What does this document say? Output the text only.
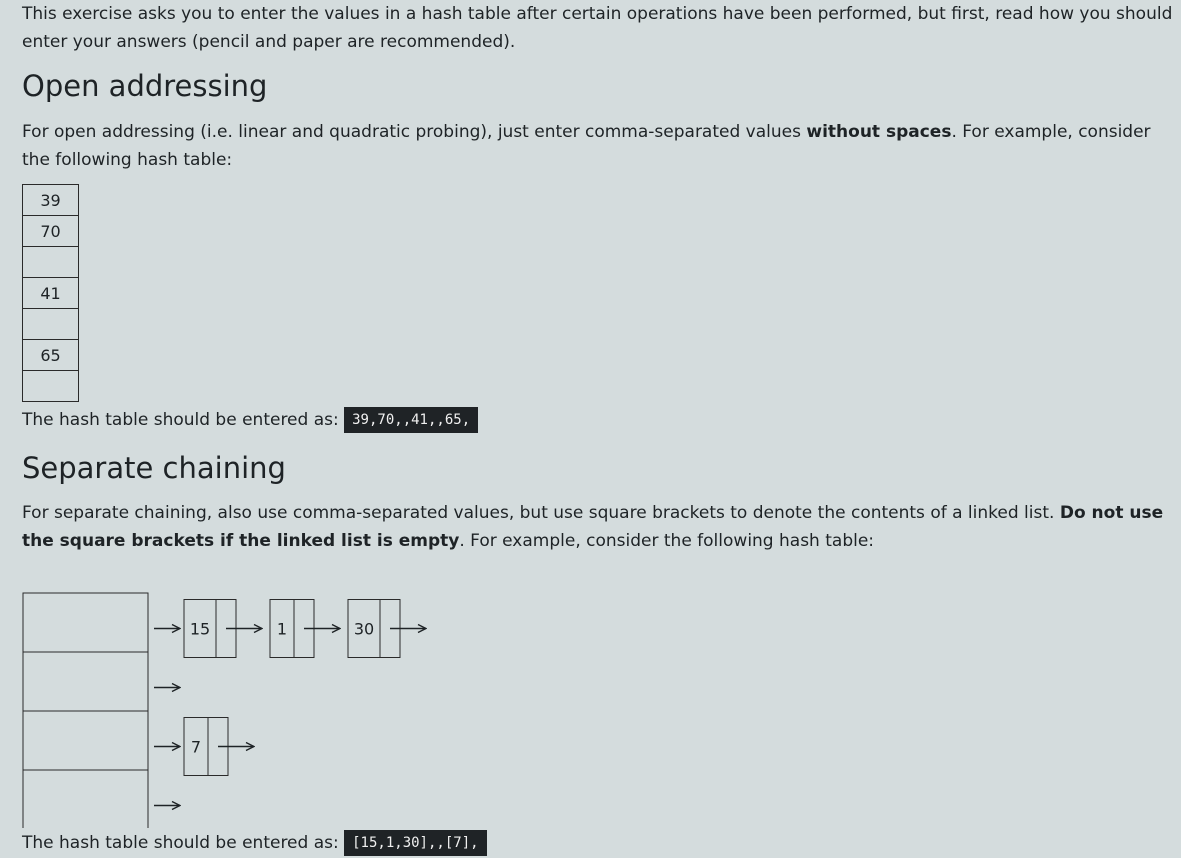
This exercise asks you to enter the values in a hash table after certain operations have been performed, but first, read how you should enter your answers (pencil and paper are recommended).

Open addressing

For open addressing (i.e. linear and quadratic probing), just enter comma-separated values without spaces. For example, consider the following hash table:

39
70

41

65

The hash table should be entered as: 39,70,,41,,65,

Separate chaining

For separate chaining, also use comma-separated values, but use square brackets to denote the contents of a linked list. Do not use the square brackets if the linked list is empty. For example, consider the following hash table:

15	1	30
7

The hash table should be entered as: [15,1,30],,[7],
